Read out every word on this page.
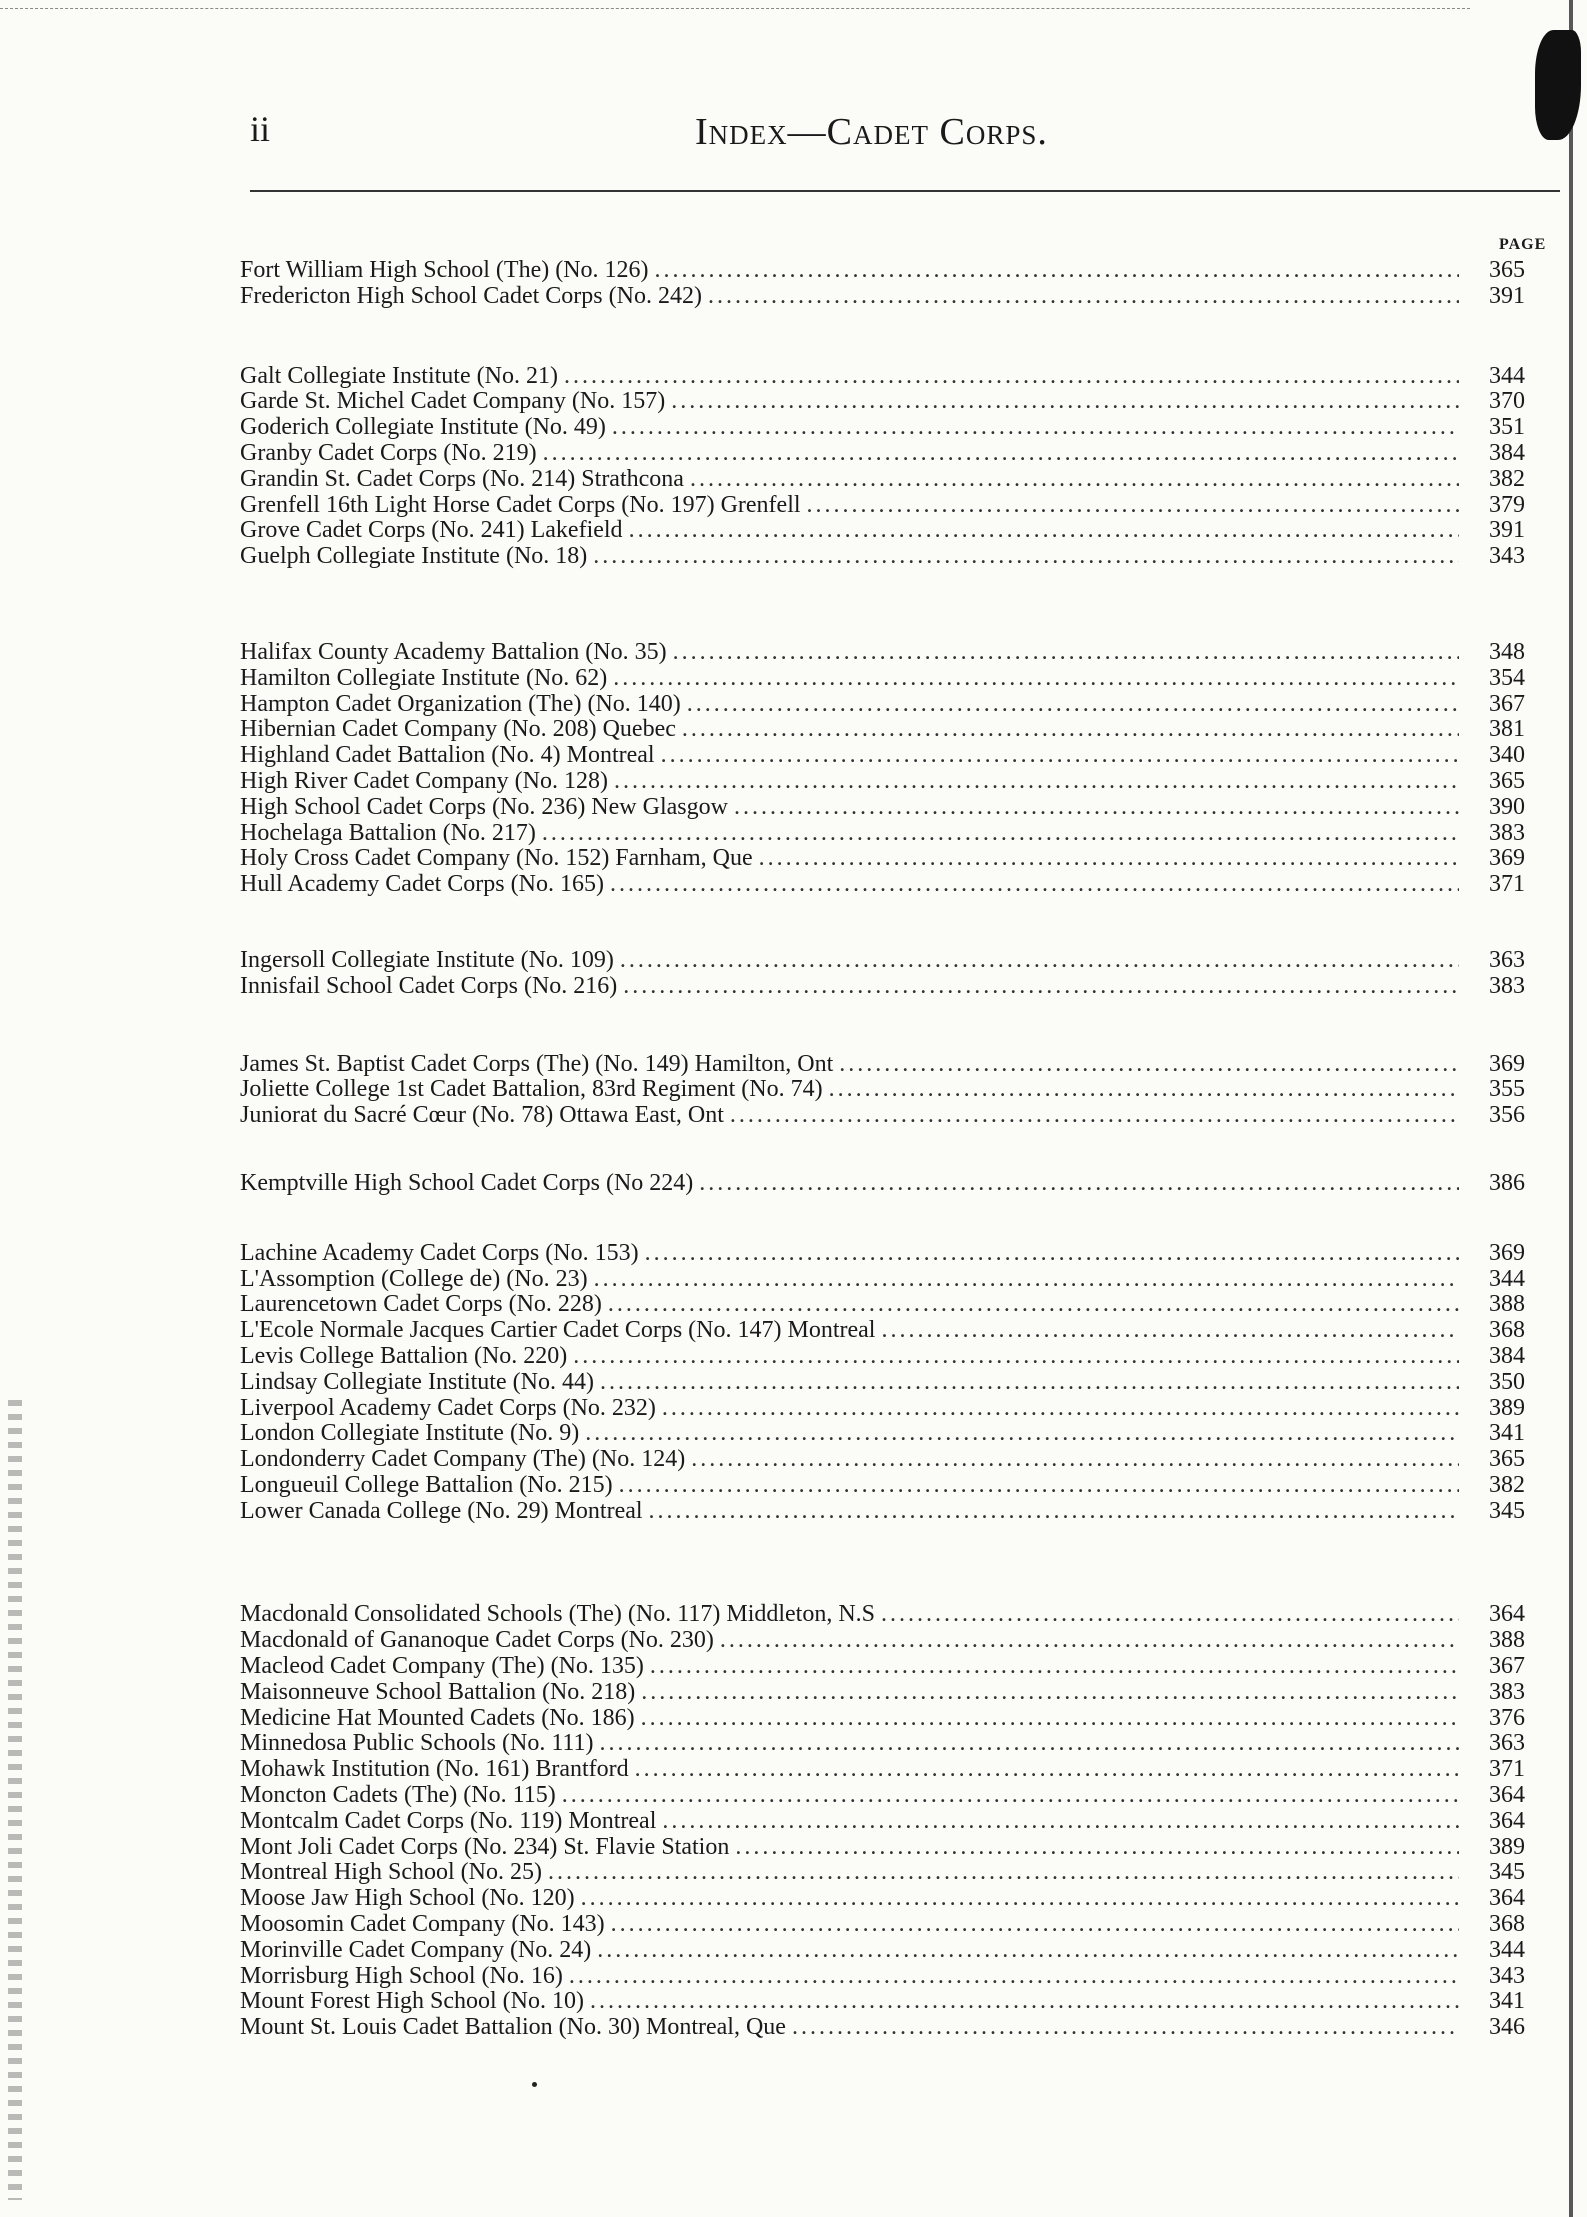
ii	Index—Cadet Corps.
PAGE
Fort William High School (The) (No. 126) .....	365
Fredericton High School Cadet Corps (No. 242) .....	391
Galt Collegiate Institute (No. 21) .....	344
Garde St. Michel Cadet Company (No. 157) .....	370
Goderich Collegiate Institute (No. 49) .....	351
Granby Cadet Corps (No. 219) .....	384
Grandin St. Cadet Corps (No. 214) Strathcona .....	382
Grenfell 16th Light Horse Cadet Corps (No. 197) Grenfell .....	379
Grove Cadet Corps (No. 241) Lakefield .....	391
Guelph Collegiate Institute (No. 18) .....	343
Halifax County Academy Battalion (No. 35) .....	348
Hamilton Collegiate Institute (No. 62) .....	354
Hampton Cadet Organization (The) (No. 140) .....	367
Hibernian Cadet Company (No. 208) Quebec .....	381
Highland Cadet Battalion (No. 4) Montreal .....	340
High River Cadet Company (No. 128) .....	365
High School Cadet Corps (No. 236) New Glasgow .....	390
Hochelaga Battalion (No. 217) .....	383
Holy Cross Cadet Company (No. 152) Farnham, Que .....	369
Hull Academy Cadet Corps (No. 165) .....	371
Ingersoll Collegiate Institute (No. 109) .....	363
Innisfail School Cadet Corps (No. 216) .....	383
James St. Baptist Cadet Corps (The) (No. 149) Hamilton, Ont .....	369
Joliette College 1st Cadet Battalion, 83rd Regiment (No. 74) .....	355
Juniorat du Sacré Cœur (No. 78) Ottawa East, Ont .....	356
Kemptville High School Cadet Corps (No 224) .....	386
Lachine Academy Cadet Corps (No. 153) .....	369
L'Assomption (College de) (No. 23) .....	344
Laurencetown Cadet Corps (No. 228) .....	388
L'Ecole Normale Jacques Cartier Cadet Corps (No. 147) Montreal .....	368
Levis College Battalion (No. 220) .....	384
Lindsay Collegiate Institute (No. 44) .....	350
Liverpool Academy Cadet Corps (No. 232) .....	389
London Collegiate Institute (No. 9) .....	341
Londonderry Cadet Company (The) (No. 124) .....	365
Longueuil College Battalion (No. 215) .....	382
Lower Canada College (No. 29) Montreal .....	345
Macdonald Consolidated Schools (The) (No. 117) Middleton, N.S .....	364
Macdonald of Gananoque Cadet Corps (No. 230) .....	388
Macleod Cadet Company (The) (No. 135) .....	367
Maisonneuve School Battalion (No. 218) .....	383
Medicine Hat Mounted Cadets (No. 186) .....	376
Minnedosa Public Schools (No. 111) .....	363
Mohawk Institution (No. 161) Brantford .....	371
Moncton Cadets (The) (No. 115) .....	364
Montcalm Cadet Corps (No. 119) Montreal .....	364
Mont Joli Cadet Corps (No. 234) St. Flavie Station .....	389
Montreal High School (No. 25) .....	345
Moose Jaw High School (No. 120) .....	364
Moosomin Cadet Company (No. 143) .....	368
Morinville Cadet Company (No. 24) .....	344
Morrisburg High School (No. 16) .....	343
Mount Forest High School (No. 10) .....	341
Mount St. Louis Cadet Battalion (No. 30) Montreal, Que .....	346
